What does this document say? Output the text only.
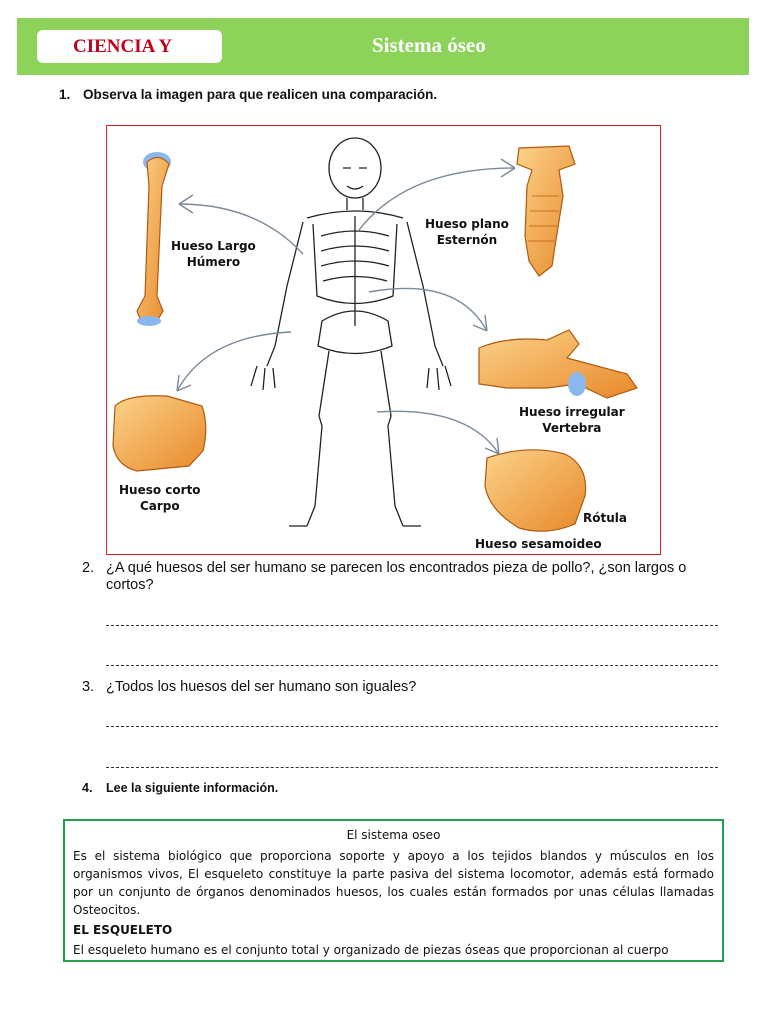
CIENCIA Y	Sistema óseo
1. Observa la imagen para que realicen una comparación.
Hueso Largo
Húmero
Hueso plano
Esternón
Hueso irregular
Vertebra
Hueso corto
Carpo
Rótula
Hueso sesamoideo
2. ¿A qué huesos del ser humano se parecen los encontrados pieza de pollo?, ¿son largos o cortos?
3. ¿Todos los huesos del ser humano son iguales?
4. Lee la siguiente información.
El sistema oseo

Es el sistema biológico que proporciona soporte y apoyo a los tejidos blandos y músculos en los organismos vivos, El esqueleto constituye la parte pasiva del sistema locomotor, además está formado por un conjunto de órganos denominados huesos, los cuales están formados por unas células llamadas Osteocitos.

EL ESQUELETO

El esqueleto humano es el conjunto total y organizado de piezas óseas que proporcionan al cuerpo
